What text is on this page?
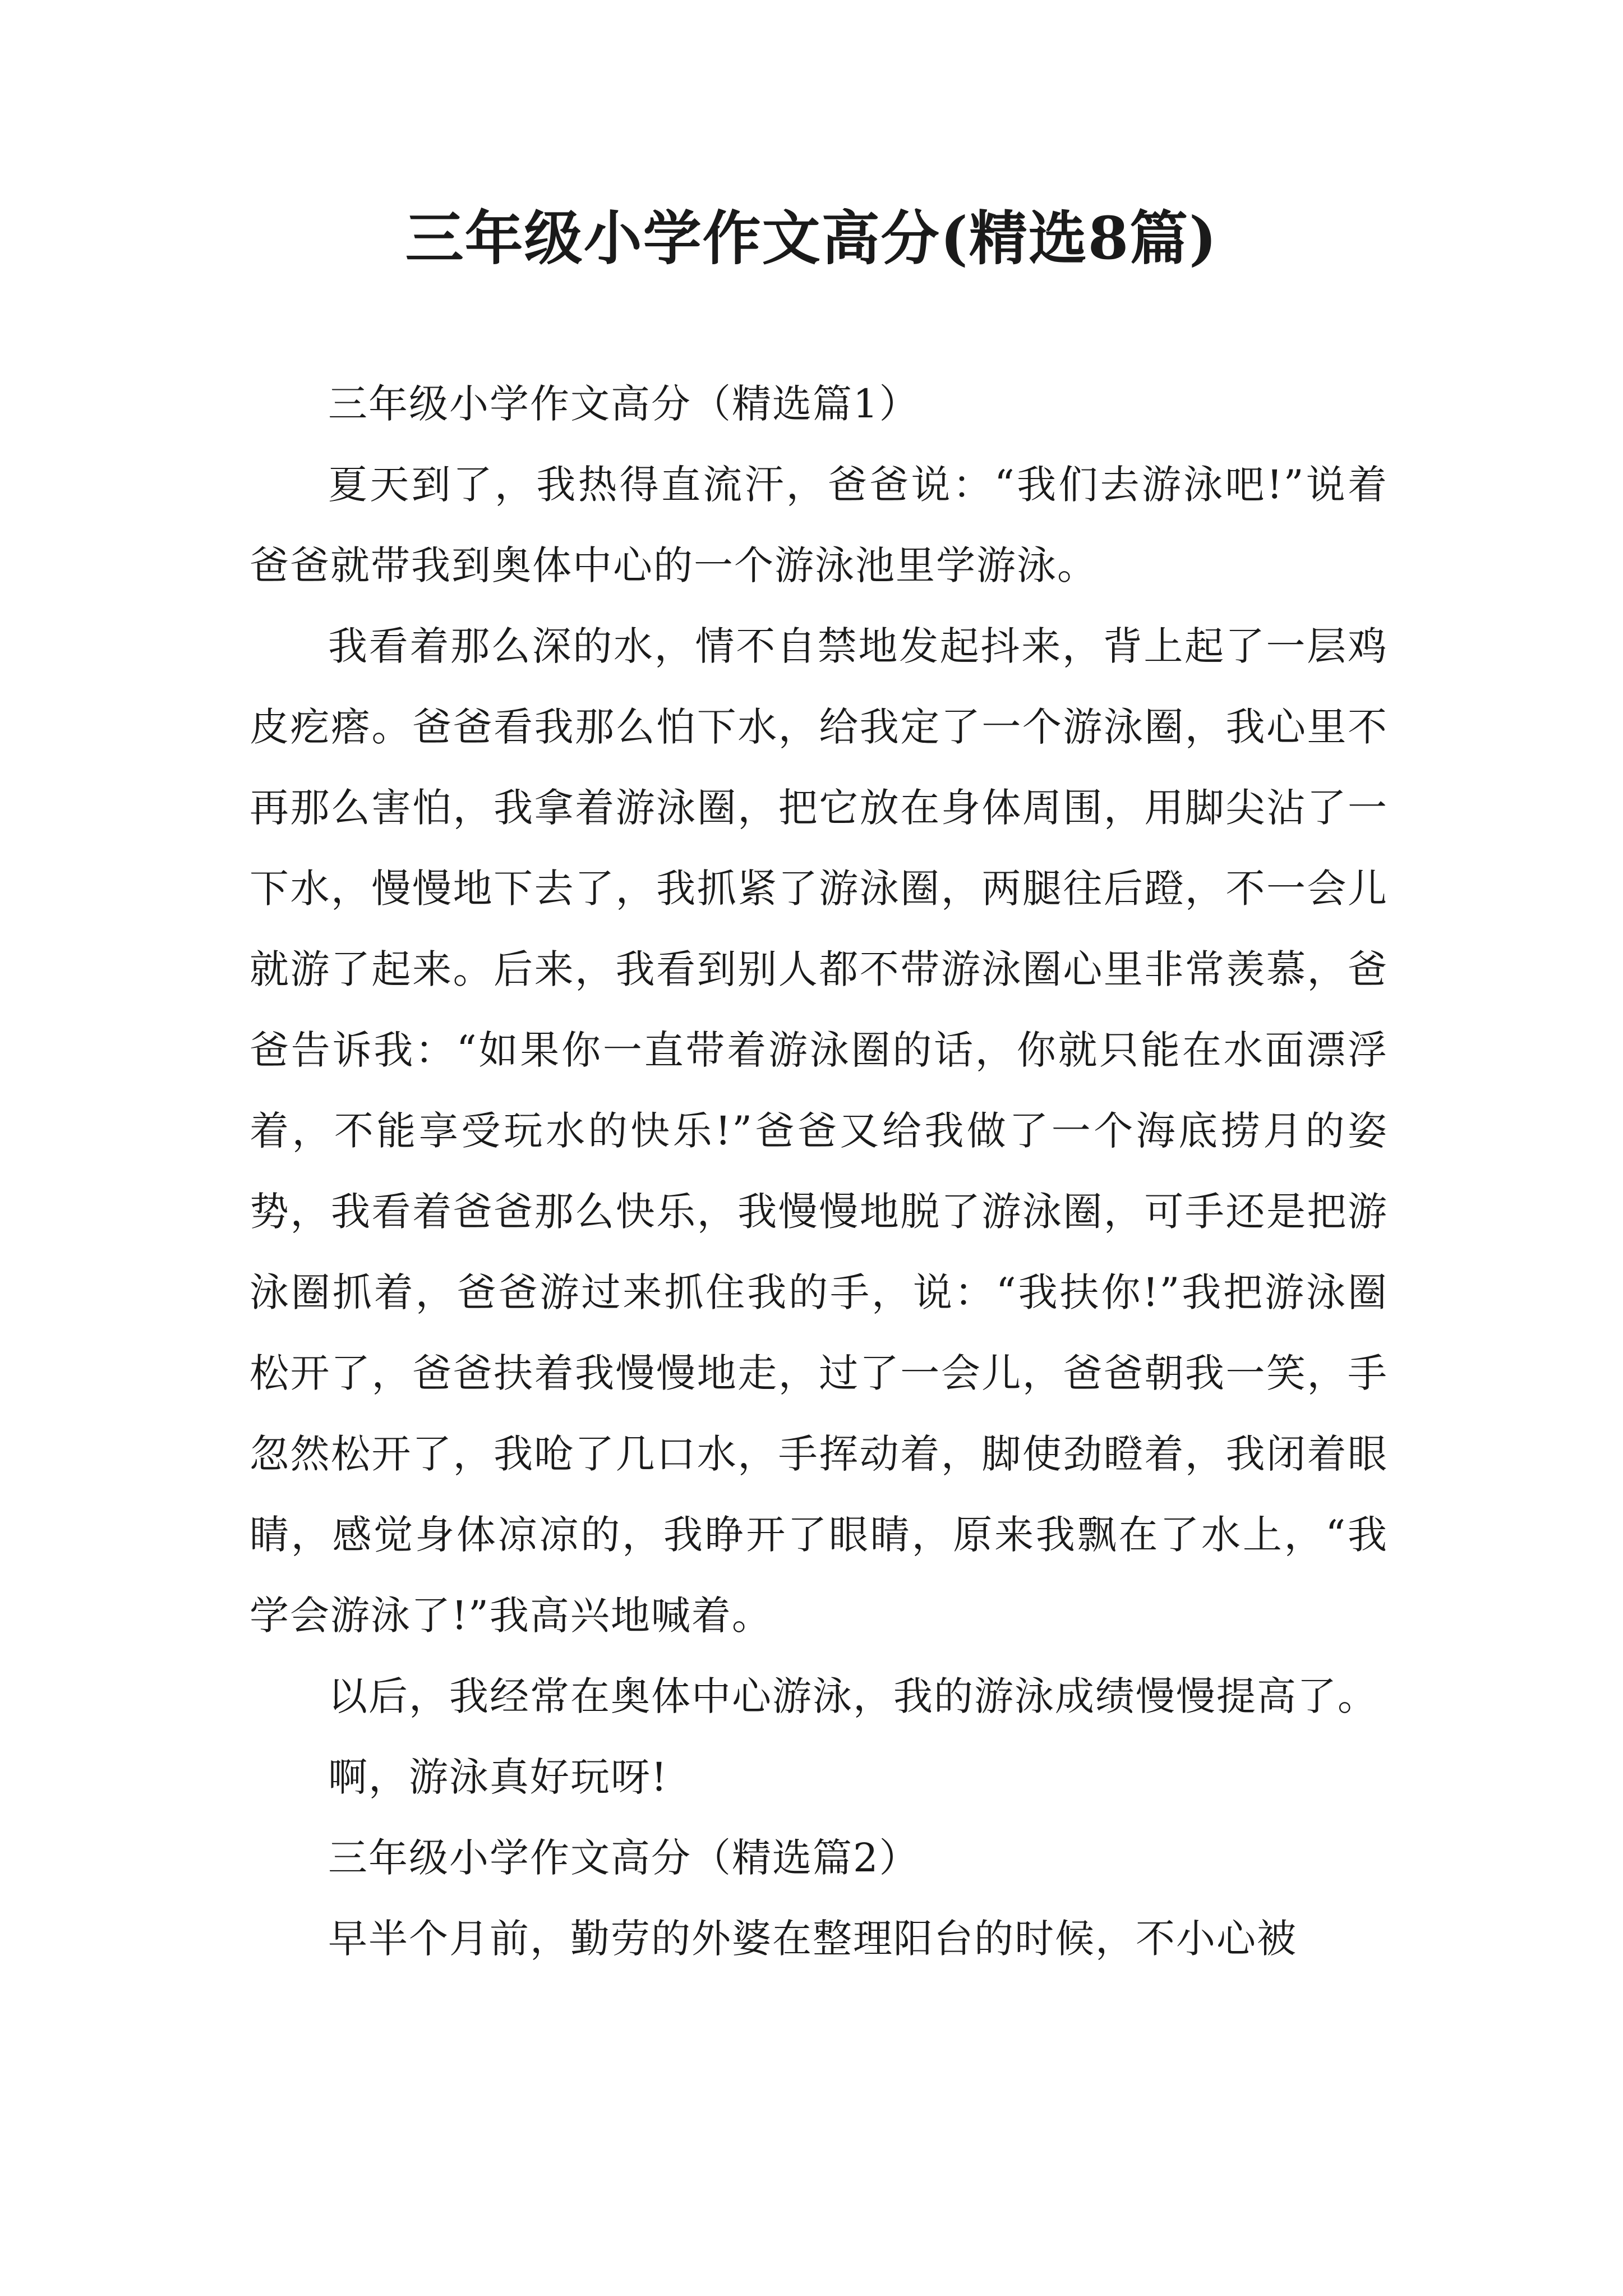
三年级小学作文高分(精选8篇)

三年级小学作文高分（精选篇1）

夏天到了，我热得直流汗，爸爸说：“我们去游泳吧!”说着爸爸就带我到奥体中心的一个游泳池里学游泳。

我看着那么深的水，情不自禁地发起抖来，背上起了一层鸡皮疙瘩。爸爸看我那么怕下水，给我定了一个游泳圈，我心里不再那么害怕，我拿着游泳圈，把它放在身体周围，用脚尖沾了一下水，慢慢地下去了，我抓紧了游泳圈，两腿往后蹬，不一会儿就游了起来。后来，我看到别人都不带游泳圈心里非常羡慕，爸爸告诉我：“如果你一直带着游泳圈的话，你就只能在水面漂浮着，不能享受玩水的快乐!”爸爸又给我做了一个海底捞月的姿势，我看着爸爸那么快乐，我慢慢地脱了游泳圈，可手还是把游泳圈抓着，爸爸游过来抓住我的手，说：“我扶你!”我把游泳圈松开了，爸爸扶着我慢慢地走，过了一会儿，爸爸朝我一笑，手忽然松开了，我呛了几口水，手挥动着，脚使劲瞪着，我闭着眼睛，感觉身体凉凉的，我睁开了眼睛，原来我飘在了水上，“我学会游泳了!”我高兴地喊着。

以后，我经常在奥体中心游泳，我的游泳成绩慢慢提高了。

啊，游泳真好玩呀!

三年级小学作文高分（精选篇2）

早半个月前，勤劳的外婆在整理阳台的时候，不小心被
